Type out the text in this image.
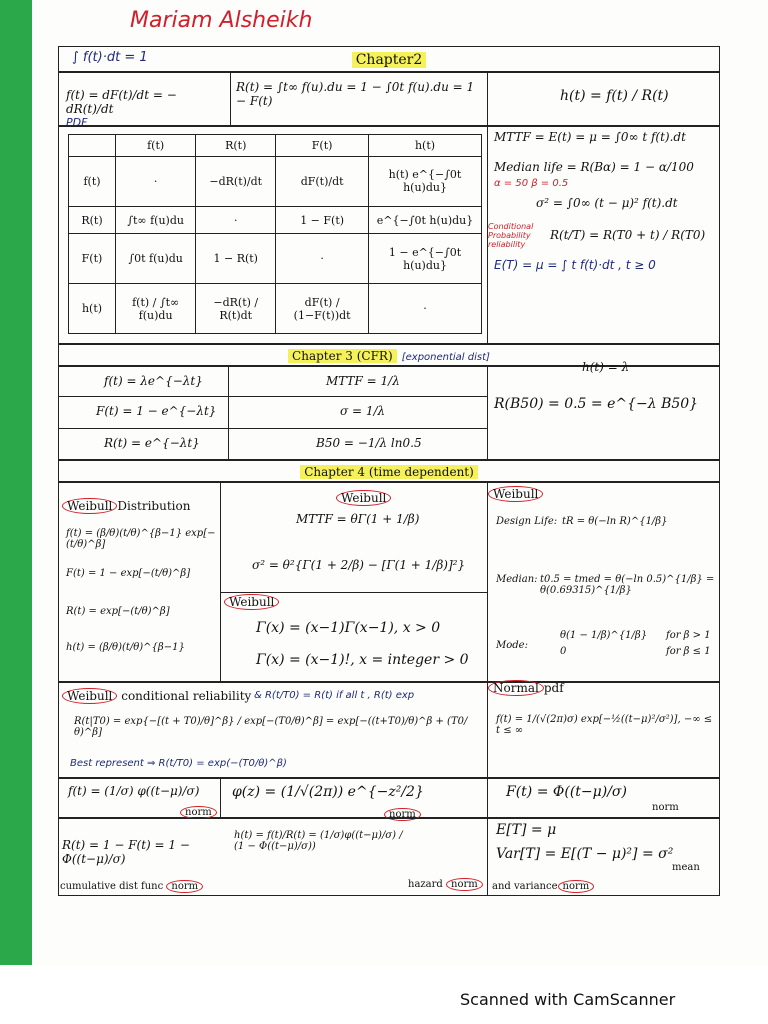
Mariam Alsheikh
∫ f(t)·dt = 1
PDF
Chapter2
f(t) = dF(t)/dt = − dR(t)/dt
R(t) = ∫t∞ f(u).du = 1 − ∫0t f(u).du = 1 − F(t)	h(t) = f(t) / R(t)
	f(t)	R(t)	F(t)	h(t)
f(t)	·	−dR(t)/dt	dF(t)/dt	h(t) e^{−∫0t h(u)du}
R(t)	∫t∞ f(u)du	·	1 − F(t)	e^{−∫0t h(u)du}
F(t)	∫0t f(u)du	1 − R(t)	·	1 − e^{−∫0t h(u)du}
h(t)	f(t) / ∫t∞ f(u)du	−dR(t) / R(t)dt	dF(t) / (1−F(t))dt	·
MTTF = E(t) = μ = ∫0∞ t f(t).dt
Median life = R(Bα) = 1 − α/100
α = 50 β = 0.5
σ² = ∫0∞ (t − μ)² f(t).dt
Conditional Probability reliability
R(t/T) = R(T0 + t) / R(T0)
E(T) = μ = ∫ t f(t)·dt , t ≥ 0
Chapter 3 (CFR) [exponential dist]
f(t) = λe^{−λt}
F(t) = 1 − e^{−λt}
R(t) = e^{−λt}
MTTF = 1/λ
σ = 1/λ
B50 = −1/λ ln0.5
h(t) = λ
R(B50) = 0.5 = e^{−λ B50}
Chapter 4 (time dependent)
Weibull Distribution
f(t) = (β/θ)(t/θ)^{β−1} exp[−(t/θ)^β]
F(t) = 1 − exp[−(t/θ)^β]
R(t) = exp[−(t/θ)^β]
h(t) = (β/θ)(t/θ)^{β−1}
Weibull
MTTF = θΓ(1 + 1/β)
σ² = θ²{Γ(1 + 2/β) − [Γ(1 + 1/β)]²}
Weibull
Γ(x) = (x−1)Γ(x−1), x > 0
Γ(x) = (x−1)!, x = integer > 0
Weibull
Design Life: tR = θ(−ln R)^{1/β}
Median: t0.5 = tmed = θ(−ln 0.5)^{1/β} = θ(0.69315)^{1/β}
Mode:
θ(1 − 1/β)^{1/β} for β > 1
0	for β ≤ 1
Weibull conditional reliability & R(t/T0) = R(t) if all t , R(t) exp
R(t|T0) = exp{−[(t + T0)/θ]^β} / exp[−(T0/θ)^β] = exp[−((t+T0)/θ)^β + (T0/θ)^β]
Best represent ⇒ R(t/T0) = exp(−(T0/θ)^β)
Normal pdf
f(t) = 1/(√(2π)σ) exp[−½((t−μ)²/σ²)], −∞ ≤ t ≤ ∞
f(t) = (1/σ) φ((t−μ)/σ)
norm
φ(z) = (1/√(2π)) e^{−z²/2}
norm
F(t) = Φ((t−μ)/σ)
norm
R(t) = 1 − F(t) = 1 − Φ((t−μ)/σ)
cumulative dist func norm
h(t) = f(t)/R(t) = (1/σ)φ((t−μ)/σ) / (1 − Φ((t−μ)/σ))
hazard norm
E[T] = μ
Var[T] = E[(T − μ)²] = σ²
mean
and variance norm
Scanned with CamScanner
